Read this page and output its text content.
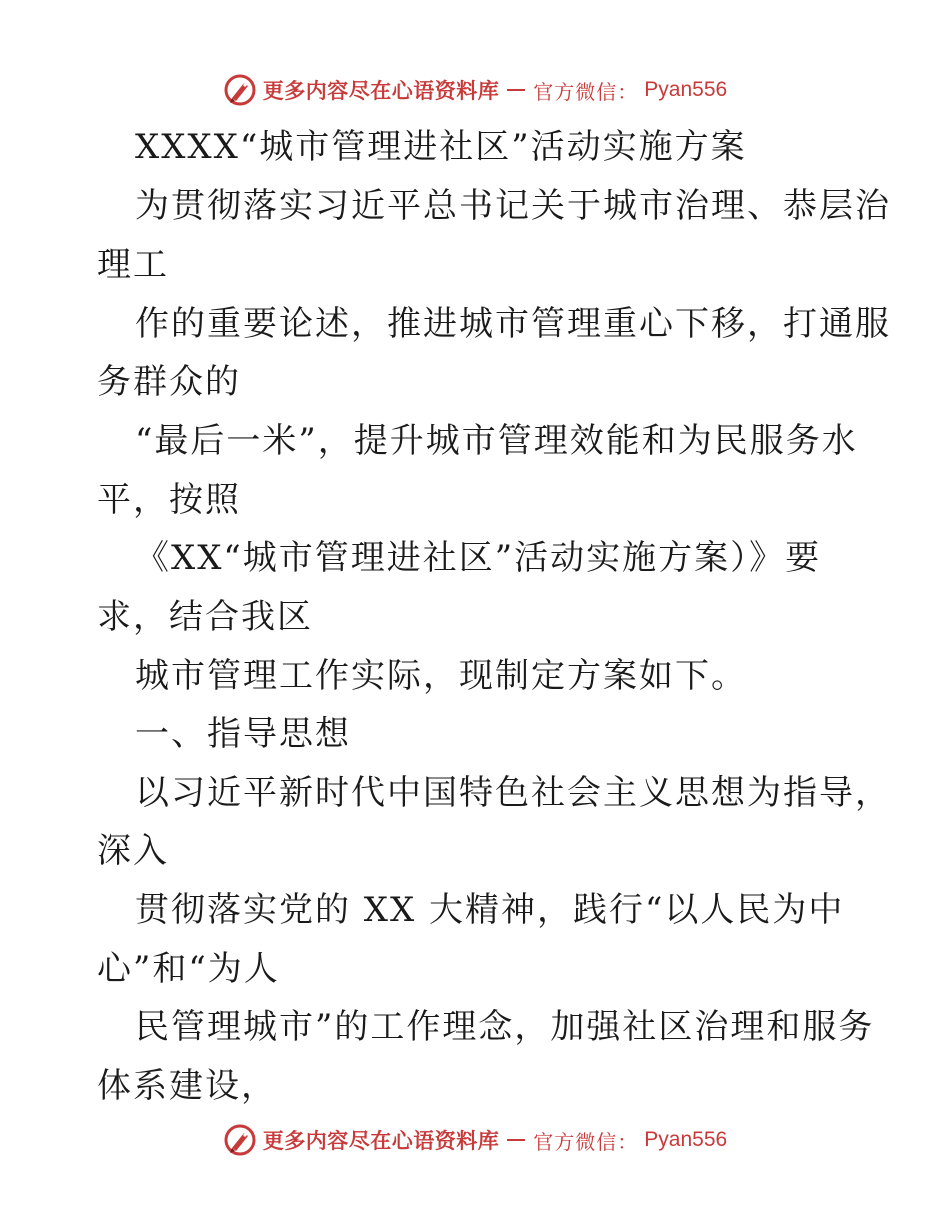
更多内容尽在心语资料库 官方微信： Pyan556
XXXX“城市管理进社区”活动实施方案
为贯彻落实习近平总书记关于城市治理、恭层治
理工
作的重要论述，推进城市管理重心下移，打通服
务群众的
“最后一米”，提升城市管理效能和为民服务水
平，按照
《XX“城市管理进社区”活动实施方案）》要
求，结合我区
城市管理工作实际，现制定方案如下。
一、指导思想
以习近平新时代中国特色社会主义思想为指导，
深入
贯彻落实党的 XX 大精神，践行“以人民为中
心”和“为人
民管理城市”的工作理念，加强社区治理和服务
体系建设，
更多内容尽在心语资料库 官方微信： Pyan556
